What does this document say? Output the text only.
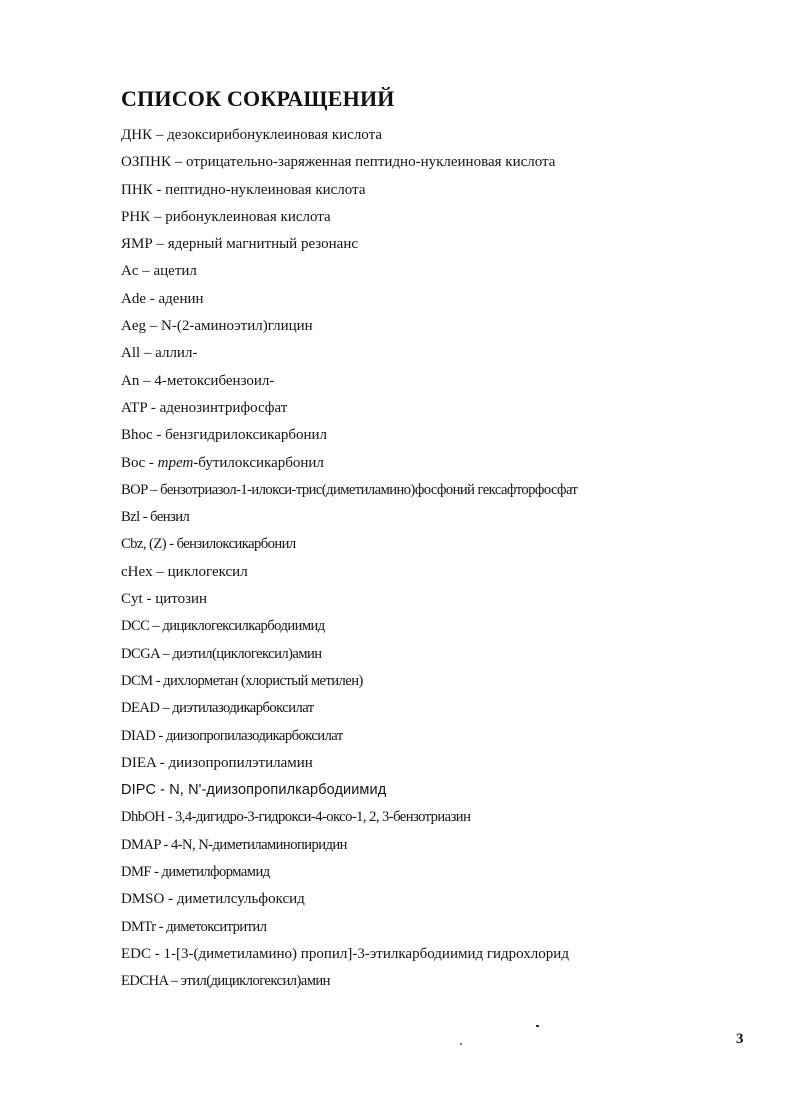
СПИСОК СОКРАЩЕНИЙ
ДНК – дезоксирибонуклеиновая кислота
ОЗПНК – отрицательно-заряженная пептидно-нуклеиновая кислота
ПНК - пептидно-нуклеиновая кислота
РНК – рибонуклеиновая кислота
ЯМР – ядерный магнитный резонанс
Ac – ацетил
Ade - аденин
Aeg – N-(2-аминоэтил)глицин
All – аллил-
An – 4-метоксибензоил-
ATP - аденозинтрифосфат
Bhoc - бензгидрилоксикарбонил
Boc - трет-бутилоксикарбонил
BOP – бензотриазол-1-илокси-трис(диметиламино)фосфоний гексафторфосфат
Bzl - бензил
Cbz, (Z) - бензилоксикарбонил
cHex – циклогексил
Cyt - цитозин
DCC – дициклогексилкарбодиимид
DCGA – диэтил(циклогексил)амин
DCM - дихлорметан (хлористый метилен)
DEAD – диэтилазодикарбоксилат
DIAD - диизопропилазодикарбоксилат
DIEA - диизопропилэтиламин
DIPC - N, N'-диизопропилкарбодиимид
DhbOH - 3,4-дигидро-3-гидрокси-4-оксо-1, 2, 3-бензотриазин
DMAP - 4-N, N-диметиламинопиридин
DMF - диметилформамид
DMSO - диметилсульфоксид
DMTr - диметокситритил
EDC - 1-[3-(диметиламино) пропил]-3-этилкарбодиимид гидрохлорид
EDCHA – этил(дициклогексил)амин
3
